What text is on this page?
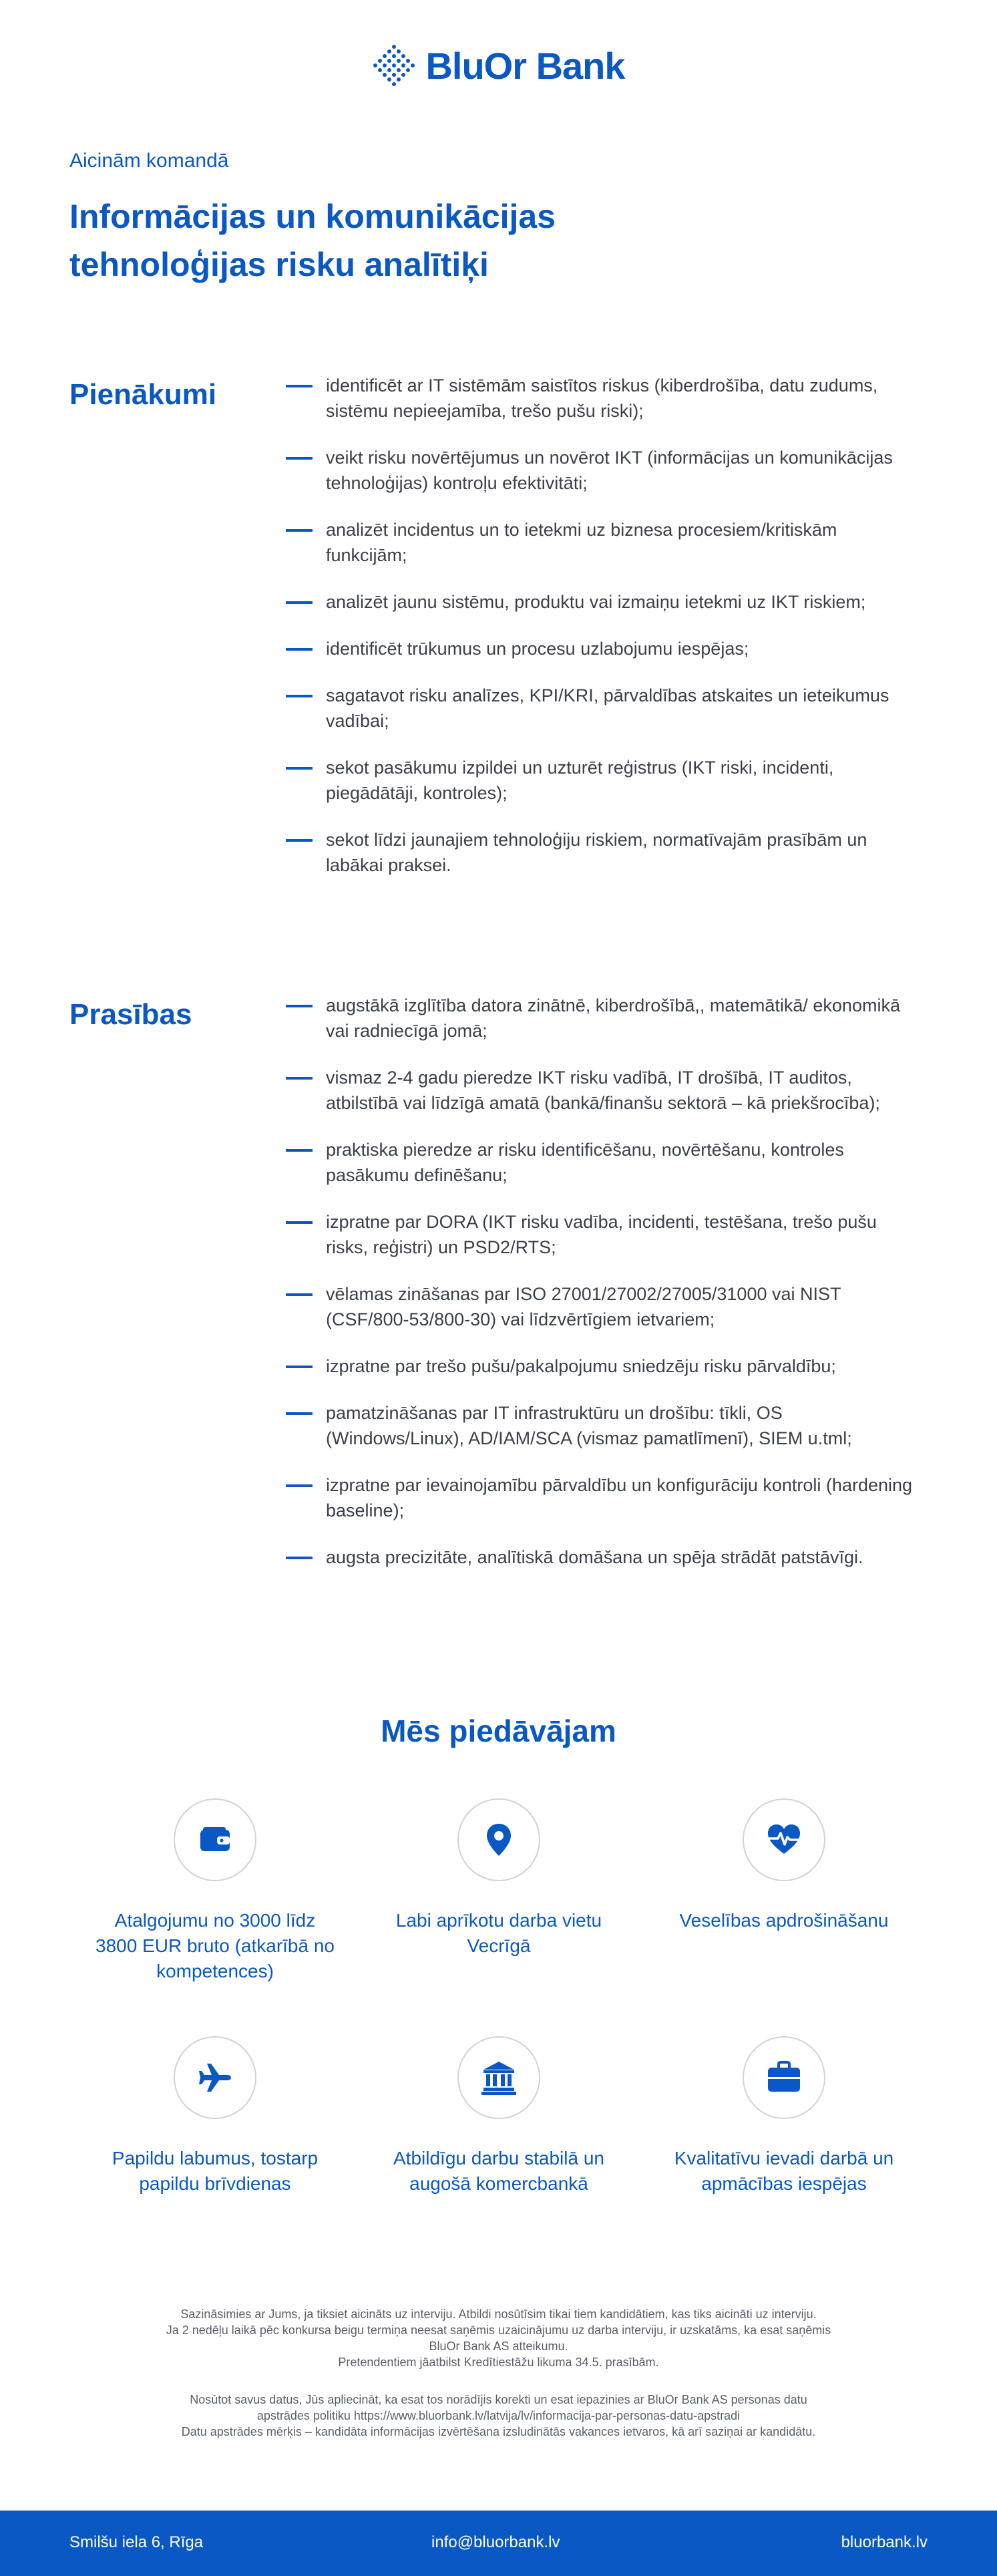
BluOr Bank
Aicinām komandā
Informācijas un komunikācijas
tehnoloģijas risku analītiķi
Pienākumi	identificēt ar IT sistēmām saistītos riskus (kiberdrošība, datu zudums, sistēmu nepieejamība, trešo pušu riski);
veikt risku novērtējumus un novērot IKT (informācijas un komunikācijas tehnoloģijas) kontroļu efektivitāti;
analizēt incidentus un to ietekmi uz biznesa procesiem/kritiskām funkcijām;
analizēt jaunu sistēmu, produktu vai izmaiņu ietekmi uz IKT riskiem;
identificēt trūkumus un procesu uzlabojumu iespējas;
sagatavot risku analīzes, KPI/KRI, pārvaldības atskaites un ieteikumus vadībai;
sekot pasākumu izpildei un uzturēt reģistrus (IKT riski, incidenti, piegādātāji, kontroles);
sekot līdzi jaunajiem tehnoloģiju riskiem, normatīvajām prasībām un labākai praksei.
Prasības	augstākā izglītība datora zinātnē, kiberdrošībā,, matemātikā/ ekonomikā vai radniecīgā jomā;
vismaz 2-4 gadu pieredze IKT risku vadībā, IT drošībā, IT auditos, atbilstībā vai līdzīgā amatā (bankā/finanšu sektorā – kā priekšrocība);
praktiska pieredze ar risku identificēšanu, novērtēšanu, kontroles pasākumu definēšanu;
izpratne par DORA (IKT risku vadība, incidenti, testēšana, trešo pušu risks, reģistri) un PSD2/RTS;
vēlamas zināšanas par ISO 27001/27002/27005/31000 vai NIST (CSF/800-53/800-30) vai līdzvērtīgiem ietvariem;
izpratne par trešo pušu/pakalpojumu sniedzēju risku pārvaldību;
pamatzināšanas par IT infrastruktūru un drošību: tīkli, OS (Windows/Linux), AD/IAM/SCA (vismaz pamatlīmenī), SIEM u.tml;
izpratne par ievainojamību pārvaldību un konfigurāciju kontroli (hardening baseline);
augsta precizitāte, analītiskā domāšana un spēja strādāt patstāvīgi.
Mēs piedāvājam
Atalgojumu no 3000 līdz 3800 EUR bruto (atkarībā no kompetences)
Labi aprīkotu darba vietu Vecrīgā
Veselības apdrošināšanu
Papildu labumus, tostarp papildu brīvdienas
Atbildīgu darbu stabilā un augošā komercbankā
Kvalitatīvu ievadi darbā un apmācības iespējas
Sazināsimies ar Jums, ja tiksiet aicināts uz interviju. Atbildi nosūtīsim tikai tiem kandidātiem, kas tiks aicināti uz interviju.
Ja 2 nedēļu laikā pēc konkursa beigu termiņa neesat saņēmis uzaicinājumu uz darba interviju, ir uzskatāms, ka esat saņēmis
BluOr Bank AS atteikumu.
Pretendentiem jāatbilst Kredītiestāžu likuma 34.5. prasībām.
Nosūtot savus datus, Jūs apliecināt, ka esat tos norādījis korekti un esat iepazinies ar BluOr Bank AS personas datu
apstrādes politiku https://www.bluorbank.lv/latvija/lv/informacija-par-personas-datu-apstradi
Datu apstrādes mērķis – kandidāta informācijas izvērtēšana izsludinātās vakances ietvaros, kā arī saziņai ar kandidātu.
Smilšu iela 6, Rīga	info@bluorbank.lv	bluorbank.lv
